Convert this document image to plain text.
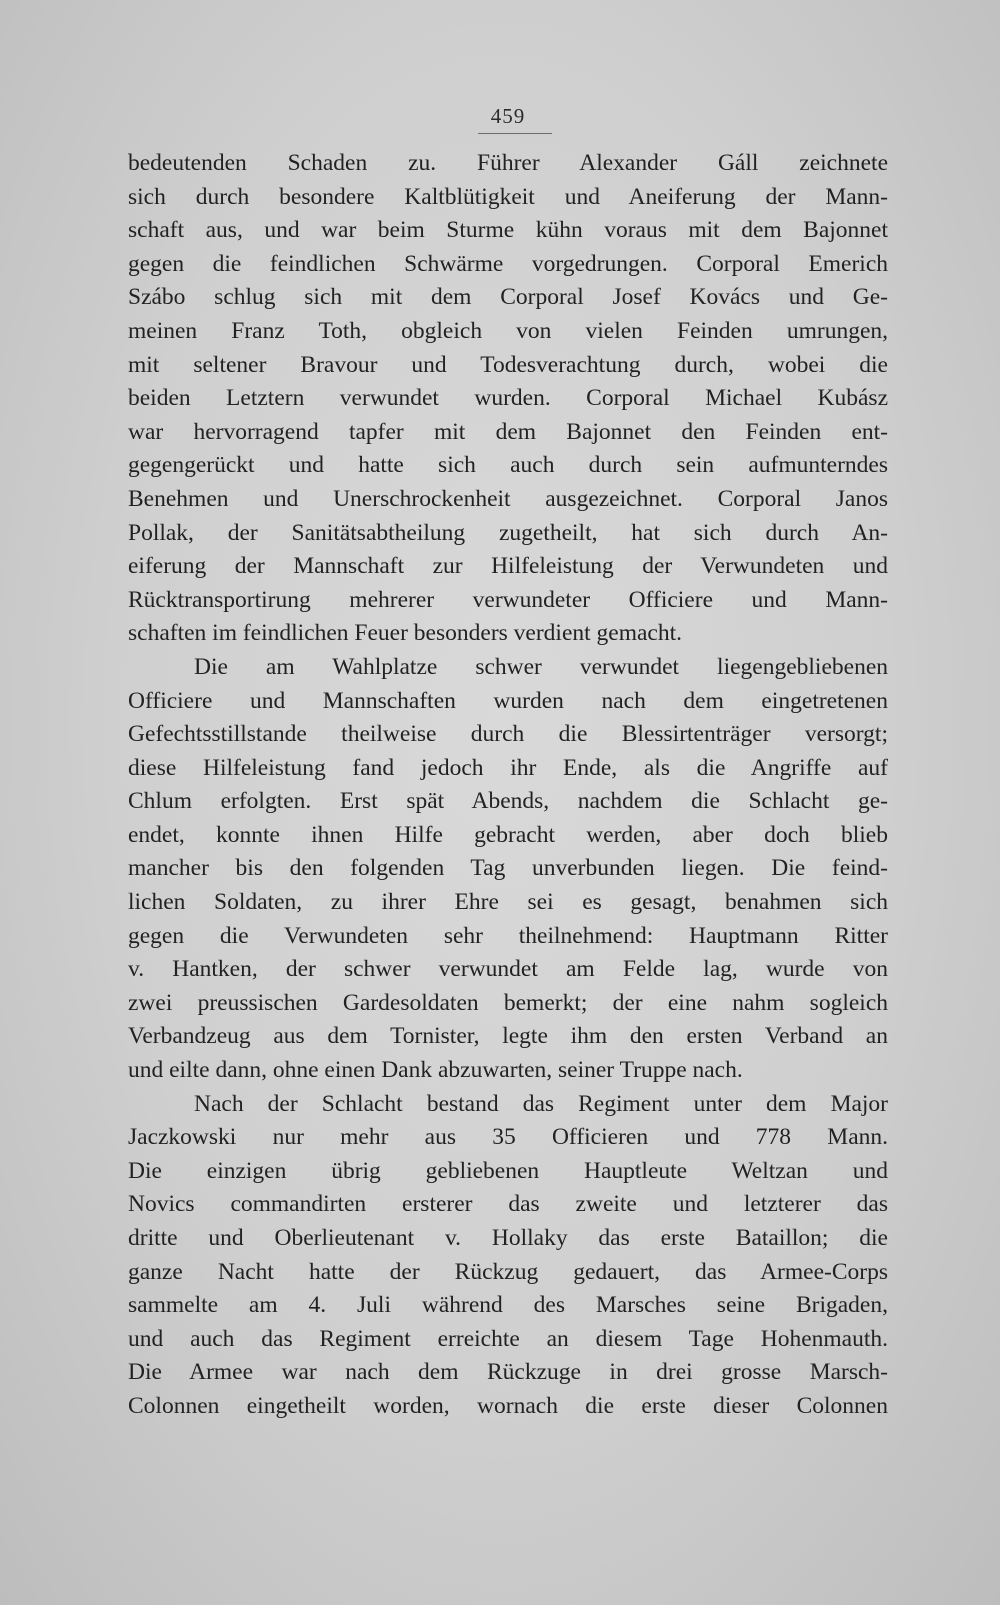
459
bedeutenden Schaden zu. Führer Alexander Gáll zeichnete
sich durch besondere Kaltblütigkeit und Aneiferung der Mann-
schaft aus, und war beim Sturme kühn voraus mit dem Bajonnet
gegen die feindlichen Schwärme vorgedrungen. Corporal Emerich
Szábo schlug sich mit dem Corporal Josef Kovács und Ge-
meinen Franz Toth, obgleich von vielen Feinden umrungen,
mit seltener Bravour und Todesverachtung durch, wobei die
beiden Letztern verwundet wurden. Corporal Michael Kubász
war hervorragend tapfer mit dem Bajonnet den Feinden ent-
gegengerückt und hatte sich auch durch sein aufmunterndes
Benehmen und Unerschrockenheit ausgezeichnet. Corporal Janos
Pollak, der Sanitätsabtheilung zugetheilt, hat sich durch An-
eiferung der Mannschaft zur Hilfeleistung der Verwundeten und
Rücktransportirung mehrerer verwundeter Officiere und Mann-
schaften im feindlichen Feuer besonders verdient gemacht.
Die am Wahlplatze schwer verwundet liegengebliebenen
Officiere und Mannschaften wurden nach dem eingetretenen
Gefechtsstillstande theilweise durch die Blessirtenträger versorgt;
diese Hilfeleistung fand jedoch ihr Ende, als die Angriffe auf
Chlum erfolgten. Erst spät Abends, nachdem die Schlacht ge-
endet, konnte ihnen Hilfe gebracht werden, aber doch blieb
mancher bis den folgenden Tag unverbunden liegen. Die feind-
lichen Soldaten, zu ihrer Ehre sei es gesagt, benahmen sich
gegen die Verwundeten sehr theilnehmend: Hauptmann Ritter
v. Hantken, der schwer verwundet am Felde lag, wurde von
zwei preussischen Gardesoldaten bemerkt; der eine nahm sogleich
Verbandzeug aus dem Tornister, legte ihm den ersten Verband an
und eilte dann, ohne einen Dank abzuwarten, seiner Truppe nach.
Nach der Schlacht bestand das Regiment unter dem Major
Jaczkowski nur mehr aus 35 Officieren und 778 Mann.
Die einzigen übrig gebliebenen Hauptleute Weltzan und
Novics commandirten ersterer das zweite und letzterer das
dritte und Oberlieutenant v. Hollaky das erste Bataillon; die
ganze Nacht hatte der Rückzug gedauert, das Armee-Corps
sammelte am 4. Juli während des Marsches seine Brigaden,
und auch das Regiment erreichte an diesem Tage Hohenmauth.
Die Armee war nach dem Rückzuge in drei grosse Marsch-
Colonnen eingetheilt worden, wornach die erste dieser Colonnen
